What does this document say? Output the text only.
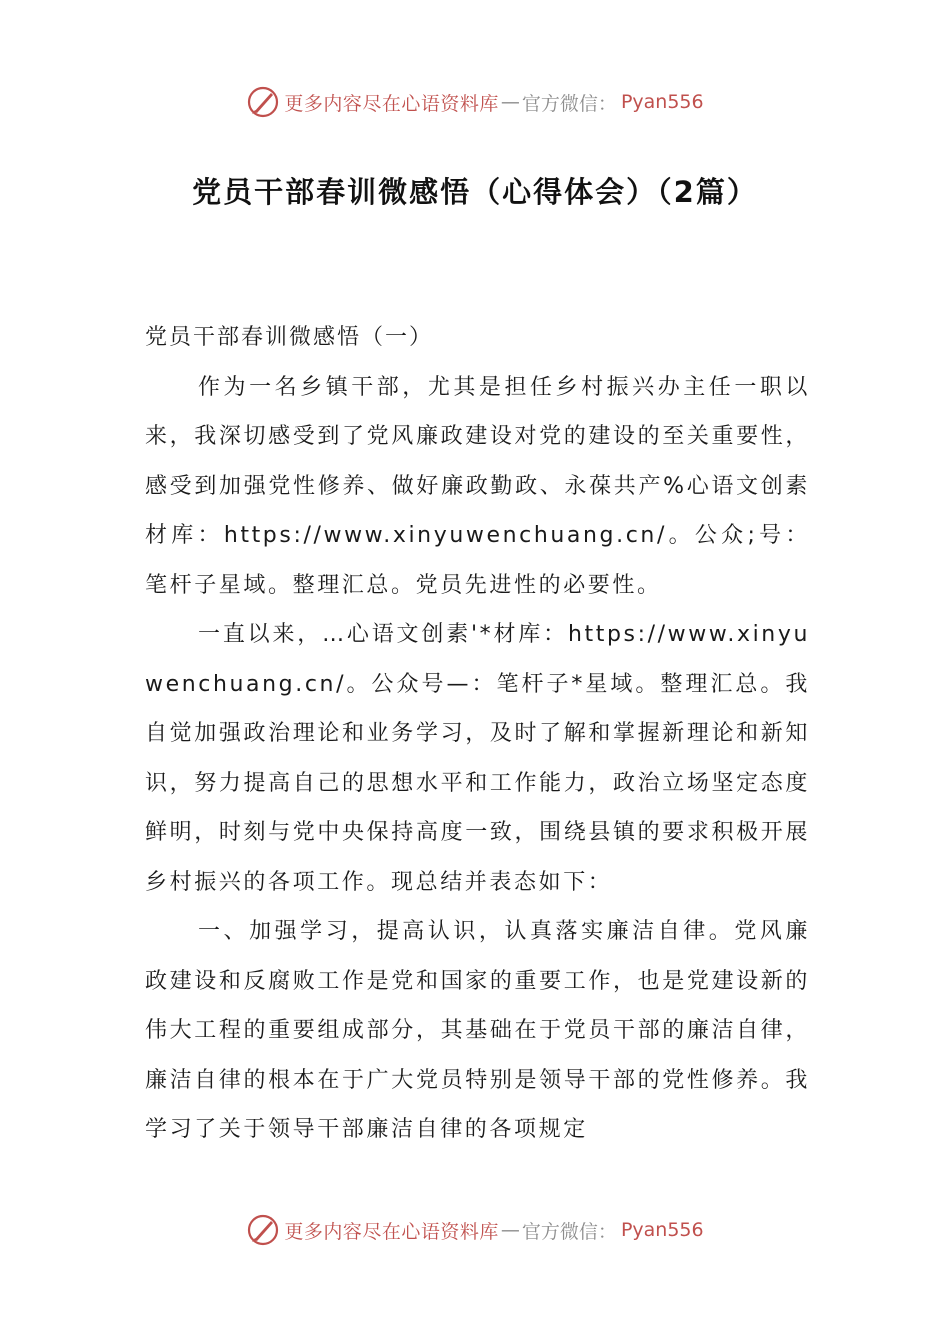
更多内容尽在心语资料库 — 官方微信： Pyan556
党员干部春训微感悟（心得体会）（2篇）

党员干部春训微感悟（一）

作为一名乡镇干部，尤其是担任乡村振兴办主任一职以来，我深切感受到了党风廉政建设对党的建设的至关重要性，感受到加强党性修养、做好廉政勤政、永葆共产%心语文创素材库：https://www.xinyuwenchuang.cn/。公众;号：笔杆子星域。整理汇总。党员先进性的必要性。

一直以来，…心语文创素'*材库：https://www.xinyuwenchuang.cn/。公众号—：笔杆子*星域。整理汇总。我自觉加强政治理论和业务学习，及时了解和掌握新理论和新知识，努力提高自己的思想水平和工作能力，政治立场坚定态度鲜明，时刻与党中央保持高度一致，围绕县镇的要求积极开展乡村振兴的各项工作。现总结并表态如下：

一、加强学习，提高认识，认真落实廉洁自律。党风廉政建设和反腐败工作是党和国家的重要工作，也是党建设新的伟大工程的重要组成部分，其基础在于党员干部的廉洁自律，廉洁自律的根本在于广大党员特别是领导干部的党性修养。我学习了关于领导干部廉洁自律的各项规定

更多内容尽在心语资料库 — 官方微信： Pyan556
